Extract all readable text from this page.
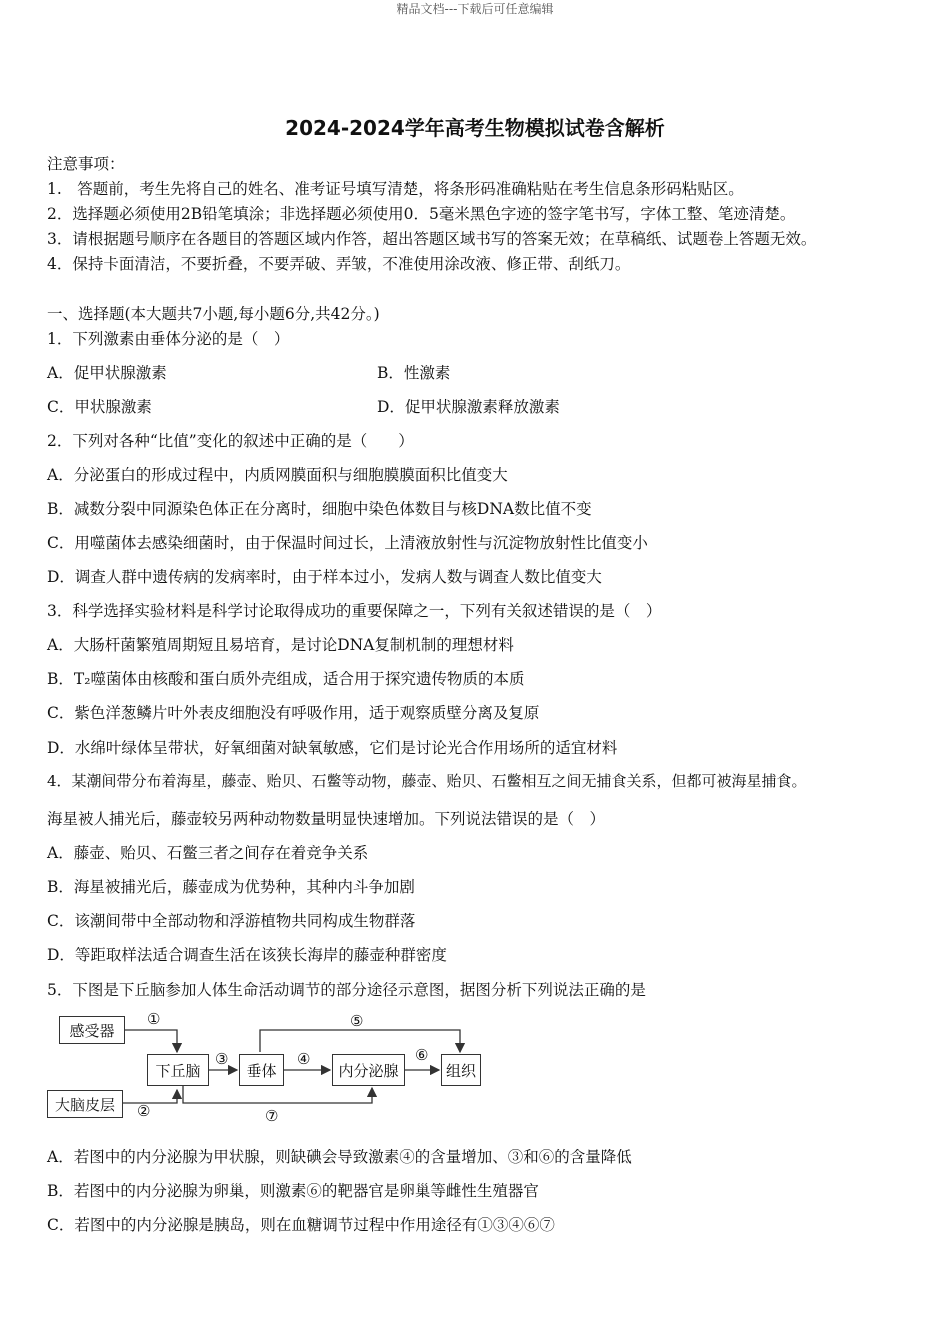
精品文档---下载后可任意编辑
2024-2024学年高考生物模拟试卷含解析
注意事项：
1.　答题前，考生先将自己的姓名、准考证号填写清楚，将条形码准确粘贴在考生信息条形码粘贴区。
2．选择题必须使用2B铅笔填涂；非选择题必须使用0．5毫米黑色字迹的签字笔书写，字体工整、笔迹清楚。
3．请根据题号顺序在各题目的答题区域内作答，超出答题区域书写的答案无效；在草稿纸、试题卷上答题无效。
4．保持卡面清洁，不要折叠，不要弄破、弄皱，不准使用涂改液、修正带、刮纸刀。
一、选择题(本大题共7小题,每小题6分,共42分。)
1．下列激素由垂体分泌的是（　）
A．促甲状腺激素	B．性激素
C．甲状腺激素	D．促甲状腺激素释放激素
2．下列对各种“比值”变化的叙述中正确的是（　　）
A．分泌蛋白的形成过程中，内质网膜面积与细胞膜膜面积比值变大
B．减数分裂中同源染色体正在分离时，细胞中染色体数目与核DNA数比值不变
C．用噬菌体去感染细菌时，由于保温时间过长，上清液放射性与沉淀物放射性比值变小
D．调查人群中遗传病的发病率时，由于样本过小，发病人数与调查人数比值变大
3．科学选择实验材料是科学讨论取得成功的重要保障之一，下列有关叙述错误的是（　）
A．大肠杆菌繁殖周期短且易培育，是讨论DNA复制机制的理想材料
B．T₂噬菌体由核酸和蛋白质外壳组成，适合用于探究遗传物质的本质
C．紫色洋葱鳞片叶外表皮细胞没有呼吸作用，适于观察质壁分离及复原
D．水绵叶绿体呈带状，好氧细菌对缺氧敏感，它们是讨论光合作用场所的适宜材料
4．某潮间带分布着海星，藤壶、贻贝、石鳖等动物，藤壶、贻贝、石鳖相互之间无捕食关系，但都可被海星捕食。
海星被人捕光后，藤壶较另两种动物数量明显快速增加。下列说法错误的是（　）
A．藤壶、贻贝、石鳖三者之间存在着竞争关系
B．海星被捕光后，藤壶成为优势种，其种内斗争加剧
C．该潮间带中全部动物和浮游植物共同构成生物群落
D．等距取样法适合调查生活在该狭长海岸的藤壶种群密度
5．下图是下丘脑参加人体生命活动调节的部分途径示意图，据图分析下列说法正确的是
感受器
大脑皮层
下丘脑	垂体	内分泌腺	组织
①
②
③	④
⑤
⑥
⑦
A．若图中的内分泌腺为甲状腺，则缺碘会导致激素④的含量增加、③和⑥的含量降低
B．若图中的内分泌腺为卵巢，则激素⑥的靶器官是卵巢等雌性生殖器官
C．若图中的内分泌腺是胰岛，则在血糖调节过程中作用途径有①③④⑥⑦
